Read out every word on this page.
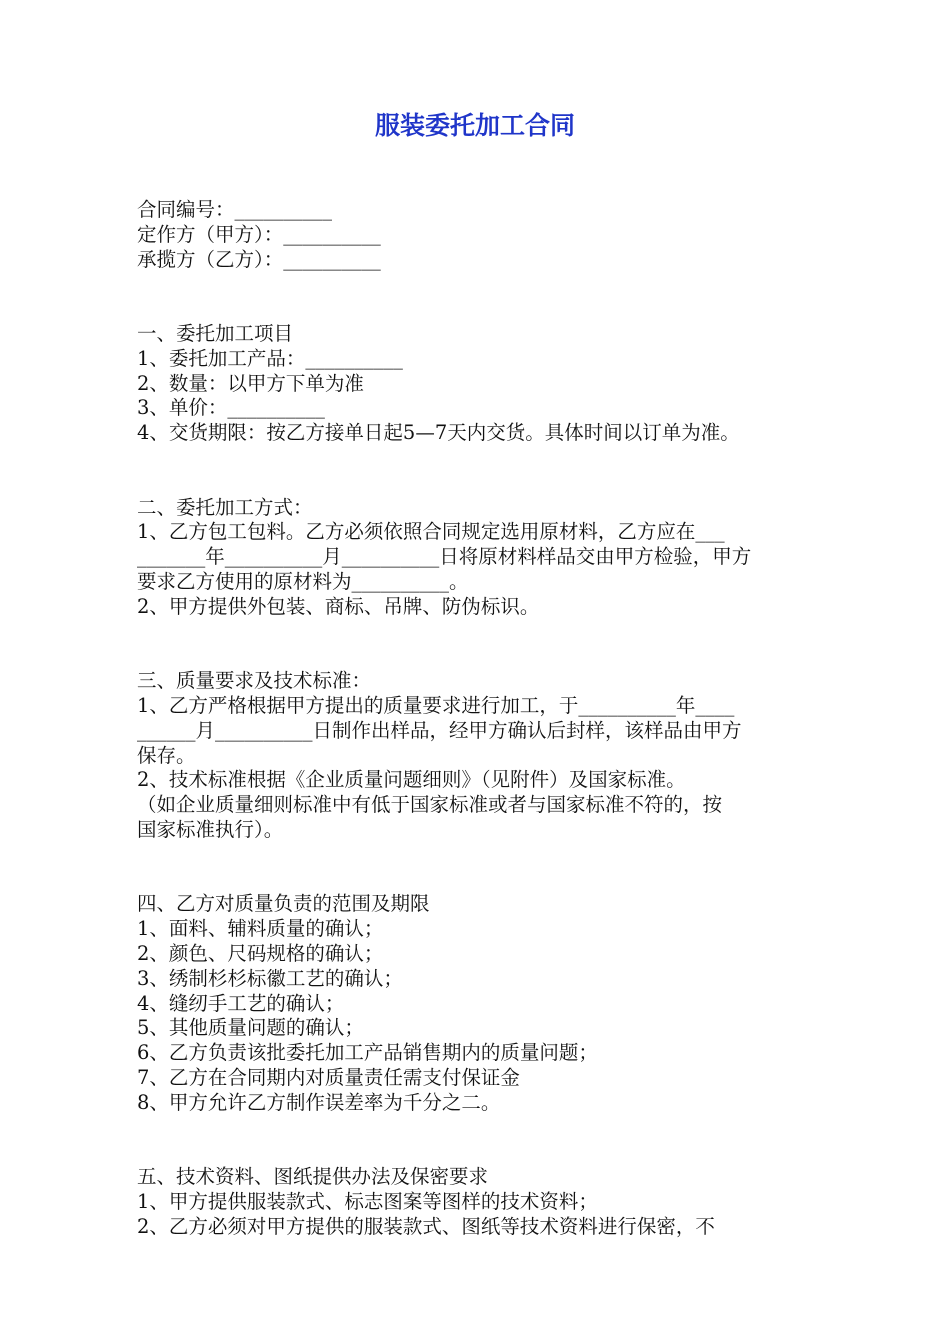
服装委托加工合同
合同编号：__________
定作方（甲方）：__________
承揽方（乙方）：__________
一、委托加工项目
1、委托加工产品：__________
2、数量：以甲方下单为准
3、单价：__________
4、交货期限：按乙方接单日起5—7天内交货。具体时间以订单为准。
二、委托加工方式：
1、乙方包工包料。乙方必须依照合同规定选用原材料，乙方应在___
_______年__________月__________日将原材料样品交由甲方检验，甲方
要求乙方使用的原材料为__________。
2、甲方提供外包装、商标、吊牌、防伪标识。
三、质量要求及技术标准：
1、乙方严格根据甲方提出的质量要求进行加工，于__________年____
______月__________日制作出样品，经甲方确认后封样，该样品由甲方
保存。
2、技术标准根据《企业质量问题细则》（见附件）及国家标准。
（如企业质量细则标准中有低于国家标准或者与国家标准不符的，按
国家标准执行）。
四、乙方对质量负责的范围及期限
1、面料、辅料质量的确认；
2、颜色、尺码规格的确认；
3、绣制杉杉标徽工艺的确认；
4、缝纫手工艺的确认；
5、其他质量问题的确认；
6、乙方负责该批委托加工产品销售期内的质量问题；
7、乙方在合同期内对质量责任需支付保证金
8、甲方允许乙方制作误差率为千分之二。
五、技术资料、图纸提供办法及保密要求
1、甲方提供服装款式、标志图案等图样的技术资料；
2、乙方必须对甲方提供的服装款式、图纸等技术资料进行保密，不
